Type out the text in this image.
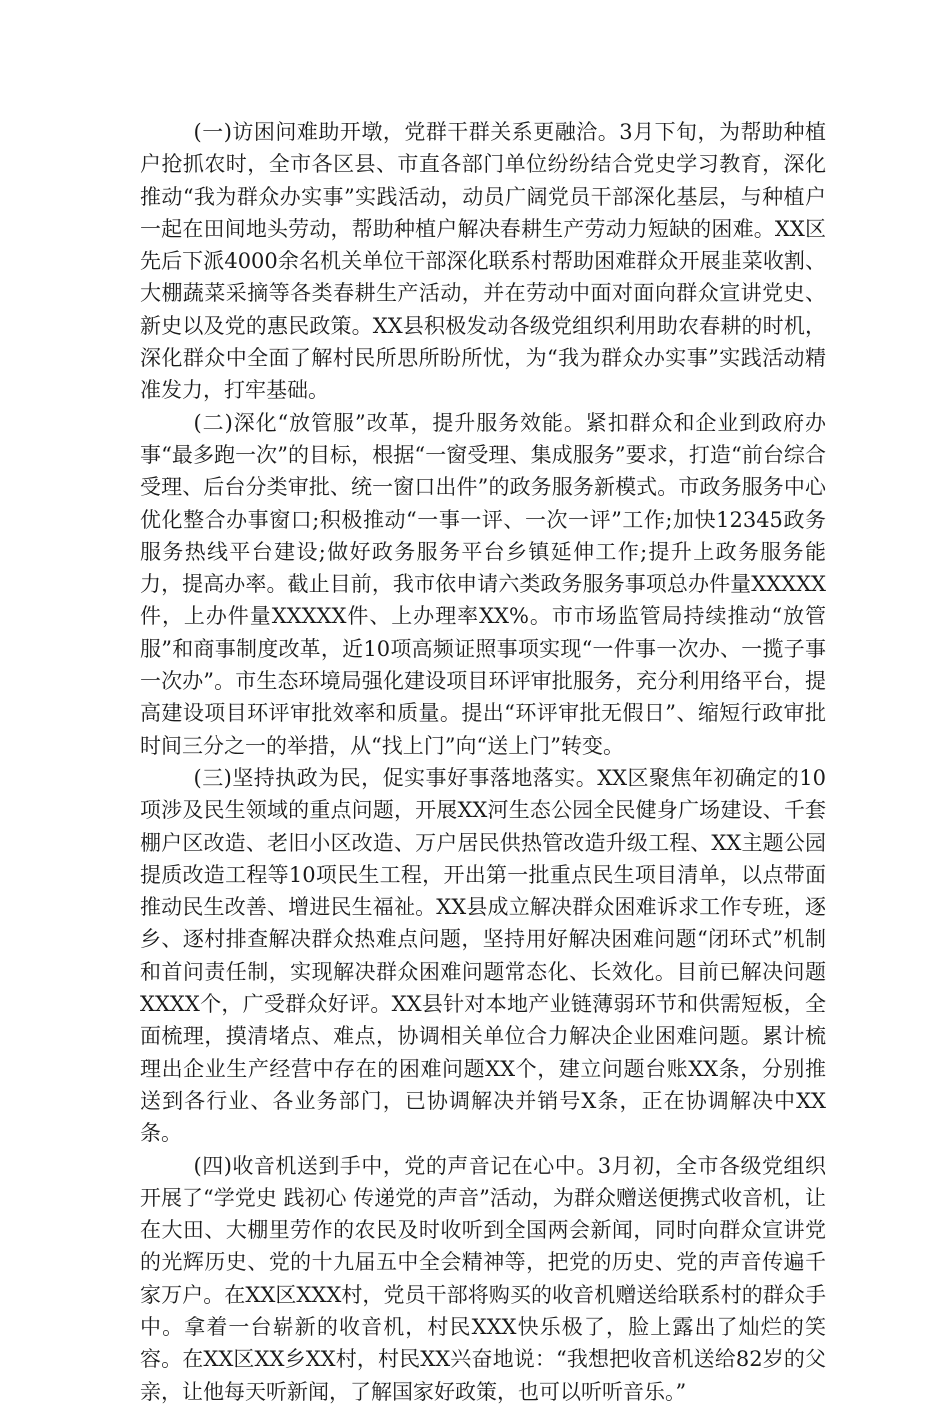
(一)访困问难助开墩，党群干群关系更融洽。3月下旬，为帮助种植户抢抓农时，全市各区县、市直各部门单位纷纷结合党史学习教育，深化推动“我为群众办实事”实践活动，动员广阔党员干部深化基层，与种植户一起在田间地头劳动，帮助种植户解决春耕生产劳动力短缺的困难。XX区先后下派4000余名机关单位干部深化联系村帮助困难群众开展韭菜收割、大棚蔬菜采摘等各类春耕生产活动，并在劳动中面对面向群众宣讲党史、新史以及党的惠民政策。XX县积极发动各级党组织利用助农春耕的时机，深化群众中全面了解村民所思所盼所忧，为“我为群众办实事”实践活动精准发力，打牢基础。

(二)深化“放管服”改革，提升服务效能。紧扣群众和企业到政府办事“最多跑一次”的目标，根据“一窗受理、集成服务”要求，打造“前台综合受理、后台分类审批、统一窗口出件”的政务服务新模式。市政务服务中心优化整合办事窗口;积极推动“一事一评、一次一评”工作;加快12345政务服务热线平台建设;做好政务服务平台乡镇延伸工作;提升上政务服务能力，提高办率。截止目前，我市依申请六类政务服务事项总办件量XXXXX件，上办件量XXXXX件、上办理率XX%。市市场监管局持续推动“放管服”和商事制度改革，近10项高频证照事项实现“一件事一次办、一揽子事一次办”。市生态环境局强化建设项目环评审批服务，充分利用络平台，提高建设项目环评审批效率和质量。提出“环评审批无假日”、缩短行政审批时间三分之一的举措，从“找上门”向“送上门”转变。

(三)坚持执政为民，促实事好事落地落实。XX区聚焦年初确定的10项涉及民生领域的重点问题，开展XX河生态公园全民健身广场建设、千套棚户区改造、老旧小区改造、万户居民供热管改造升级工程、XX主题公园提质改造工程等10项民生工程，开出第一批重点民生项目清单，以点带面推动民生改善、增进民生福祉。XX县成立解决群众困难诉求工作专班，逐乡、逐村排查解决群众热难点问题，坚持用好解决困难问题“闭环式”机制和首问责任制，实现解决群众困难问题常态化、长效化。目前已解决问题XXXX个，广受群众好评。XX县针对本地产业链薄弱环节和供需短板，全面梳理，摸清堵点、难点，协调相关单位合力解决企业困难问题。累计梳理出企业生产经营中存在的困难问题XX个，建立问题台账XX条，分别推送到各行业、各业务部门，已协调解决并销号X条，正在协调解决中XX条。

(四)收音机送到手中，党的声音记在心中。3月初，全市各级党组织开展了“学党史 践初心 传递党的声音”活动，为群众赠送便携式收音机，让在大田、大棚里劳作的农民及时收听到全国两会新闻，同时向群众宣讲党的光辉历史、党的十九届五中全会精神等，把党的历史、党的声音传遍千家万户。在XX区XXX村，党员干部将购买的收音机赠送给联系村的群众手中。拿着一台崭新的收音机，村民XXX快乐极了，脸上露出了灿烂的笑容。在XX区XX乡XX村，村民XX兴奋地说：“我想把收音机送给82岁的父亲，让他每天听新闻，了解国家好政策，也可以听听音乐。”
